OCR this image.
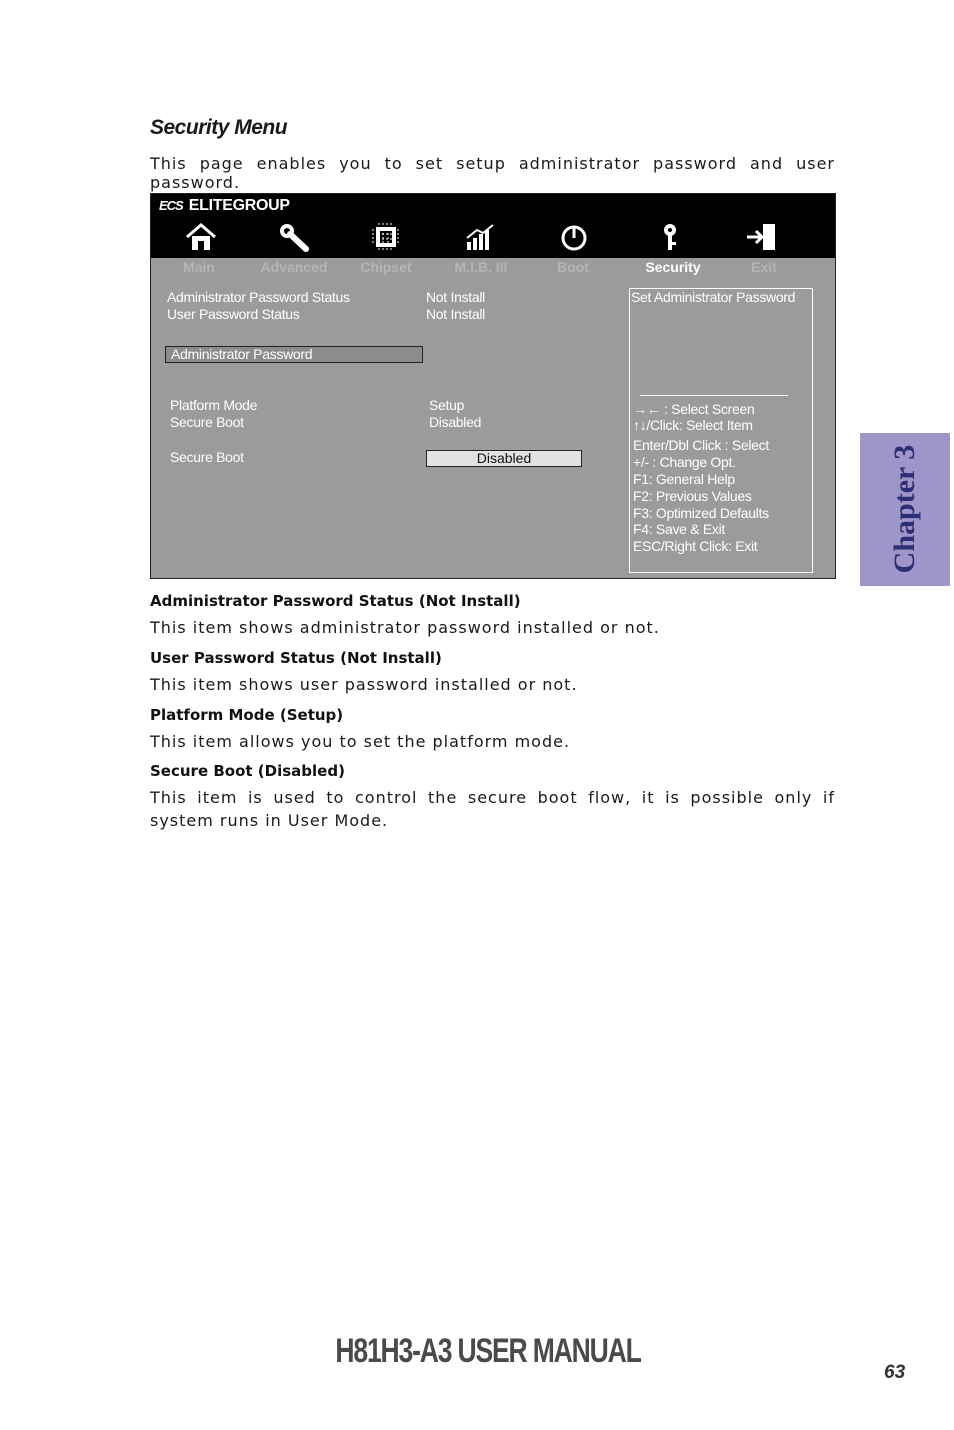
Security Menu
This page enables you to set setup administrator password and user password.
ECS ELITEGROUP
Main	Advanced	Chipset	M.I.B. III	Boot	Security	Exit
Administrator Password Status	Not Install
User Password Status	Not Install
Administrator Password
Platform Mode	Setup
Secure Boot	Disabled
Secure Boot	Disabled
Set Administrator Password
→← : Select Screen
↑↓/Click: Select Item
Enter/Dbl Click : Select
+/- : Change Opt.
F1: General Help
F2: Previous Values
F3: Optimized Defaults
F4: Save & Exit
ESC/Right Click: Exit
Administrator Password Status (Not Install)
This item shows administrator password installed or not.
User Password Status (Not Install)
This item shows user password installed or not.
Platform Mode (Setup)
This item allows you to set the platform mode.
Secure Boot (Disabled)
This item is used to control the secure boot flow, it is possible only if system runs in User Mode.
Chapter 3
H81H3-A3 USER MANUAL
63
